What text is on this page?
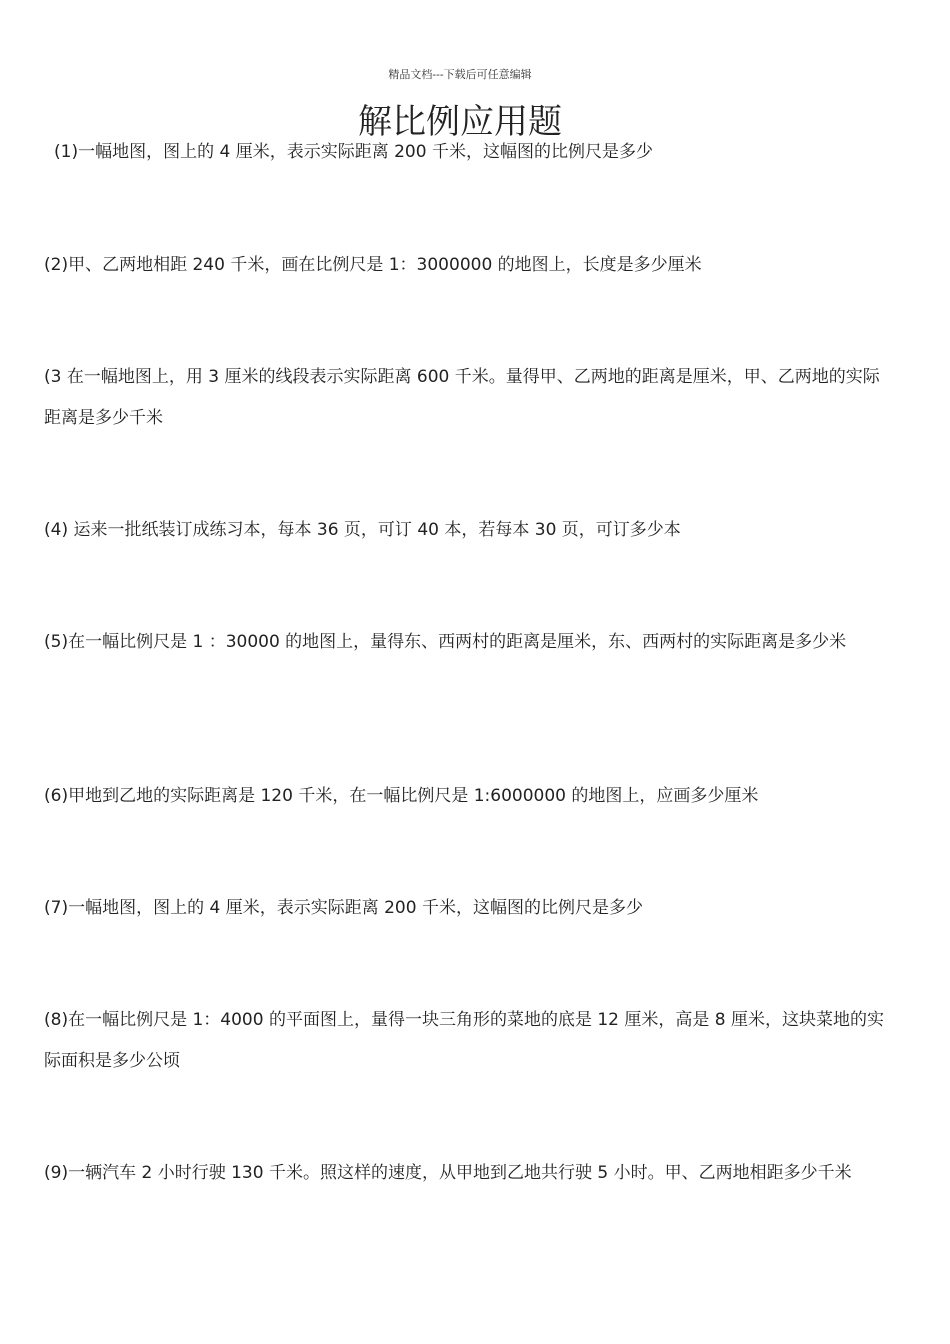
精品文档---下载后可任意编辑
解比例应用题
(1)一幅地图，图上的 4 厘米，表示实际距离 200 千米，这幅图的比例尺是多少
(2)甲、乙两地相距 240 千米，画在比例尺是 1：3000000 的地图上，长度是多少厘米
(3 在一幅地图上，用 3 厘米的线段表示实际距离 600 千米。量得甲、乙两地的距离是厘米，甲、乙两地的实际距离是多少千米
(4) 运来一批纸装订成练习本，每本 36 页，可订 40 本，若每本 30 页，可订多少本
(5)在一幅比例尺是 1 ：30000 的地图上，量得东、西两村的距离是厘米，东、西两村的实际距离是多少米
(6)甲地到乙地的实际距离是 120 千米，在一幅比例尺是 1:6000000 的地图上，应画多少厘米
(7)一幅地图，图上的 4 厘米，表示实际距离 200 千米，这幅图的比例尺是多少
(8)在一幅比例尺是 1：4000 的平面图上，量得一块三角形的菜地的底是 12 厘米，高是 8 厘米，这块菜地的实际面积是多少公顷
(9)一辆汽车 2 小时行驶 130 千米。照这样的速度，从甲地到乙地共行驶 5 小时。甲、乙两地相距多少千米
